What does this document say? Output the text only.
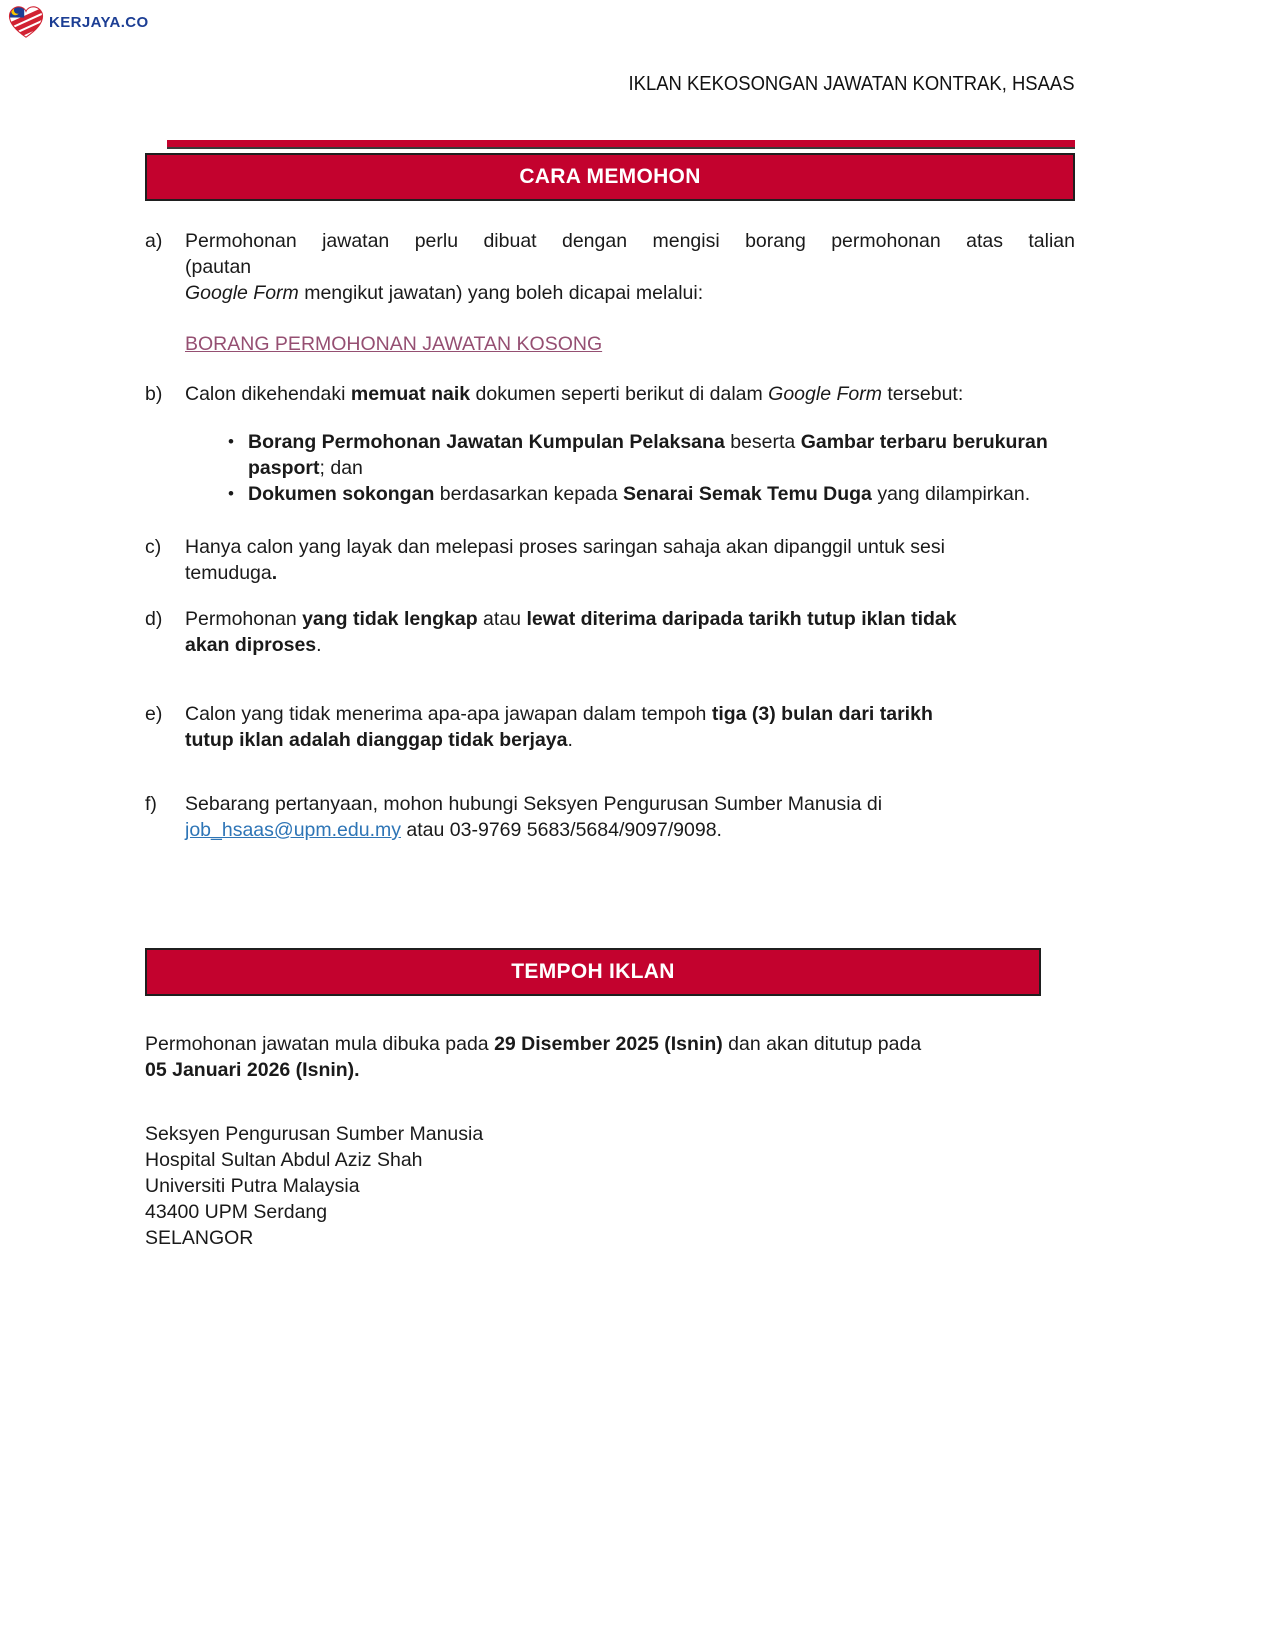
KERJAYA.CO
IKLAN KEKOSONGAN JAWATAN KONTRAK, HSAAS
CARA MEMOHON
a)	Permohonan jawatan perlu dibuat dengan mengisi borang permohonan atas talian (pautan
Google Form mengikut jawatan) yang boleh dicapai melalui:
BORANG PERMOHONAN JAWATAN KOSONG
b)	Calon dikehendaki memuat naik dokumen seperti berikut di dalam Google Form tersebut:
• Borang Permohonan Jawatan Kumpulan Pelaksana beserta Gambar terbaru berukuran
pasport; dan
• Dokumen sokongan berdasarkan kepada Senarai Semak Temu Duga yang dilampirkan.
c)	Hanya calon yang layak dan melepasi proses saringan sahaja akan dipanggil untuk sesi
temuduga.
d)	Permohonan yang tidak lengkap atau lewat diterima daripada tarikh tutup iklan tidak
akan diproses.
e)	Calon yang tidak menerima apa-apa jawapan dalam tempoh tiga (3) bulan dari tarikh
tutup iklan adalah dianggap tidak berjaya.
f)	Sebarang pertanyaan, mohon hubungi Seksyen Pengurusan Sumber Manusia di
job_hsaas@upm.edu.my atau 03-9769 5683/5684/9097/9098.
TEMPOH IKLAN
Permohonan jawatan mula dibuka pada 29 Disember 2025 (Isnin) dan akan ditutup pada
05 Januari 2026 (Isnin).
Seksyen Pengurusan Sumber Manusia
Hospital Sultan Abdul Aziz Shah
Universiti Putra Malaysia
43400 UPM Serdang
SELANGOR
